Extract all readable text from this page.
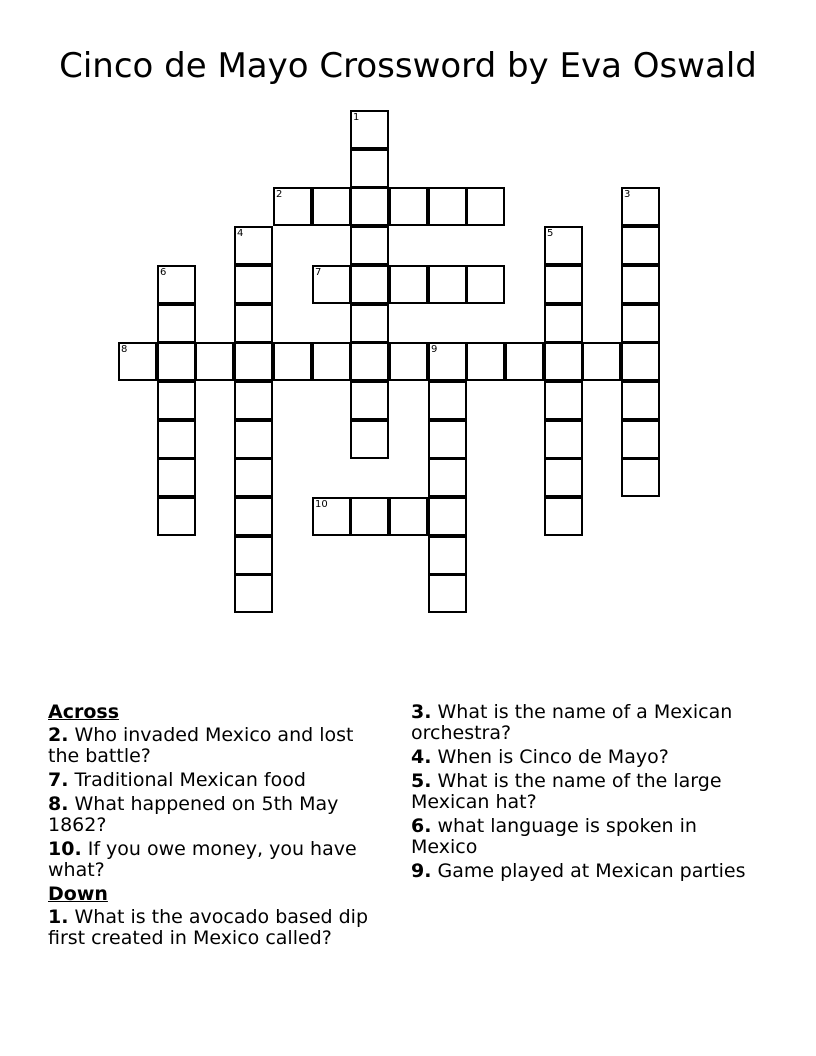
Cinco de Mayo Crossword by Eva Oswald
1
2	3
4	5
6	7
8	9
10
Across
2. Who invaded Mexico and lost the battle?
7. Traditional Mexican food
8. What happened on 5th May 1862?
10. If you owe money, you have what?
Down
1. What is the avocado based dip first created in Mexico called?
3. What is the name of a Mexican orchestra?
4. When is Cinco de Mayo?
5. What is the name of the large Mexican hat?
6. what language is spoken in Mexico
9. Game played at Mexican parties
